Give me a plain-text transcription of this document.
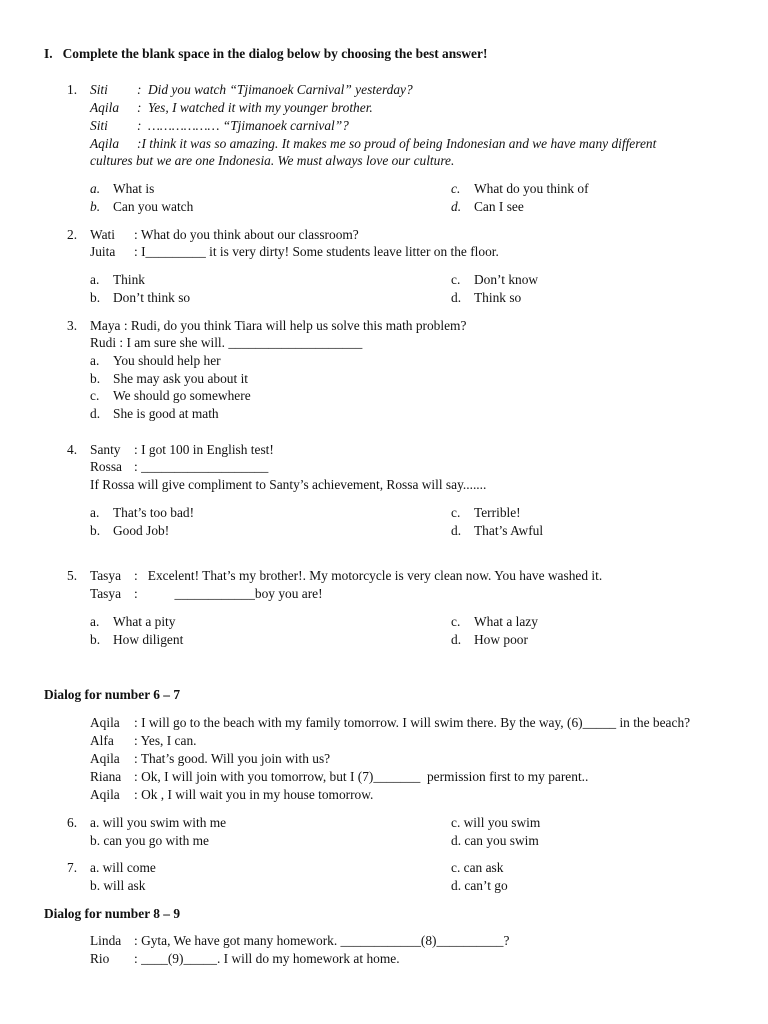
I.   Complete the blank space in the dialog below by choosing the best answer!
1. Siti : Did you watch “Tjimanoek Carnival” yesterday?
Aqila : Yes, I watched it with my younger brother.
Siti : ……………… “Tjimanoek carnival”?
Aqila :I think it was so amazing. It makes me so proud of being Indonesian and we have many different
cultures but we are one Indonesia. We must always love our culture.
a. What is
b. Can you watch
c. What do you think of
d. Can I see
2. Wati : What do you think about our classroom?
Juita : I_________ it is very dirty! Some students leave litter on the floor.
a. Think
b. Don’t think so
c. Don’t know
d. Think so
3. Maya : Rudi, do you think Tiara will help us solve this math problem?
Rudi : I am sure she will. ____________________
a. You should help her
b. She may ask you about it
c. We should go somewhere
d. She is good at math
4. Santy : I got 100 in English test!
Rossa : ___________________
If Rossa will give compliment to Santy’s achievement, Rossa will say.......
a. That’s too bad!
b. Good Job!
c. Terrible!
d. That’s Awful
5. Tasya :   Excelent! That’s my brother!. My motorcycle is very clean now. You have washed it.
Tasya :           ____________boy you are!
a. What a pity
b. How diligent
c. What a lazy
d. How poor
Dialog for number 6 – 7
Aqila : I will go to the beach with my family tomorrow. I will swim there. By the way, (6)_____ in the beach?
Alfa : Yes, I can.
Aqila : That’s good. Will you join with us?
Riana : Ok, I will join with you tomorrow, but I (7)_______  permission first to my parent..
Aqila : Ok , I will wait you in my house tomorrow.
6. a. will you swim with me
b. can you go with me
c. will you swim
d. can you swim
7. a. will come
b. will ask
c. can ask
d. can’t go
Dialog for number 8 – 9
Linda : Gyta, We have got many homework. ____________(8)__________?
Rio : ____(9)_____. I will do my homework at home.
